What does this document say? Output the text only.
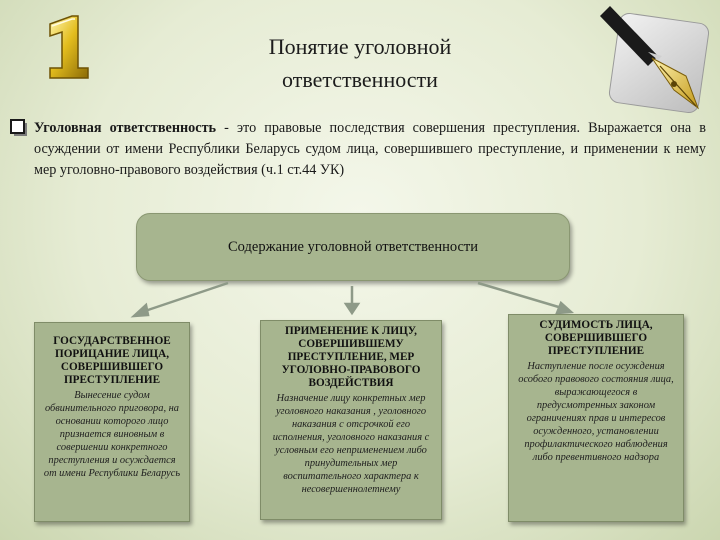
Понятие уголовной
ответственности
Уголовная ответственность - это правовые последствия совершения преступления. Выражается она в осуждении от имени Республики Беларусь судом лица, совершившего преступление, и применении к нему мер уголовно-правового воздействия (ч.1 ст.44 УК)
Содержание уголовной ответственности
ГОСУДАРСТВЕННОЕ ПОРИЦАНИЕ ЛИЦА, СОВЕРШИВШЕГО ПРЕСТУПЛЕНИЕ
Вынесение судом обвинительного приговора, на основании которого лицо признается виновным в совершении конкретного преступления и осуждается от имени Республики Беларусь
ПРИМЕНЕНИЕ К ЛИЦУ, СОВЕРШИВШЕМУ ПРЕСТУПЛЕНИЕ, МЕР УГОЛОВНО-ПРАВОВОГО ВОЗДЕЙСТВИЯ
Назначение лицу конкретных мер уголовного наказания , уголовного наказания с отсрочкой его исполнения, уголовного наказания с условным его неприменением либо принудительных мер воспитательного характера к несовершеннолетнему
СУДИМОСТЬ ЛИЦА, СОВЕРШИВШЕГО ПРЕСТУПЛЕНИЕ
Наступление после осуждения особого правового состояния лица, выражающегося в предусмотренных законом ограничениях прав и интересов осужденного, установлении профилактического наблюдения либо превентивного надзора
